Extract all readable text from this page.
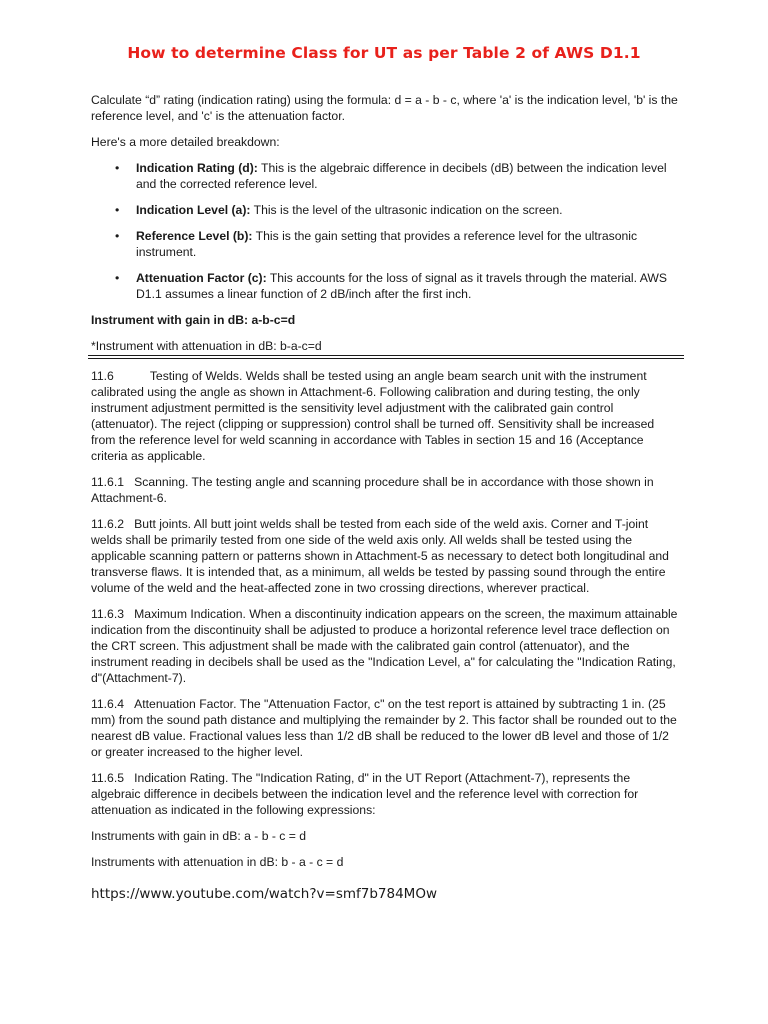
How to determine Class for UT as per Table 2 of AWS D1.1

Calculate “d” rating (indication rating) using the formula: d = a - b - c, where 'a' is the indication level, 'b' is the reference level, and 'c' is the attenuation factor.

Here's a more detailed breakdown:

• Indication Rating (d): This is the algebraic difference in decibels (dB) between the indication level and the corrected reference level.
• Indication Level (a): This is the level of the ultrasonic indication on the screen.
• Reference Level (b): This is the gain setting that provides a reference level for the ultrasonic instrument.
• Attenuation Factor (c): This accounts for the loss of signal as it travels through the material. AWS D1.1 assumes a linear function of 2 dB/inch after the first inch.

Instrument with gain in dB: a-b-c=d

*Instrument with attenuation in dB: b-a-c=d

11.6	Testing of Welds. Welds shall be tested using an angle beam search unit with the instrument calibrated using the angle as shown in Attachment-6. Following calibration and during testing, the only instrument adjustment permitted is the sensitivity level adjustment with the calibrated gain control (attenuator). The reject (clipping or suppression) control shall be turned off. Sensitivity shall be increased from the reference level for weld scanning in accordance with Tables in section 15 and 16 (Acceptance criteria as applicable.

11.6.1 Scanning. The testing angle and scanning procedure shall be in accordance with those shown in Attachment-6.

11.6.2 Butt joints. All butt joint welds shall be tested from each side of the weld axis. Corner and T-joint welds shall be primarily tested from one side of the weld axis only. All welds shall be tested using the applicable scanning pattern or patterns shown in Attachment-5 as necessary to detect both longitudinal and transverse flaws. It is intended that, as a minimum, all welds be tested by passing sound through the entire volume of the weld and the heat-affected zone in two crossing directions, wherever practical.

11.6.3 Maximum Indication. When a discontinuity indication appears on the screen, the maximum attainable indication from the discontinuity shall be adjusted to produce a horizontal reference level trace deflection on the CRT screen. This adjustment shall be made with the calibrated gain control (attenuator), and the instrument reading in decibels shall be used as the "Indication Level, a" for calculating the "Indication Rating, d"(Attachment-7).

11.6.4 Attenuation Factor. The "Attenuation Factor, c" on the test report is attained by subtracting 1 in. (25 mm) from the sound path distance and multiplying the remainder by 2. This factor shall be rounded out to the nearest dB value. Fractional values less than 1/2 dB shall be reduced to the lower dB level and those of 1/2 or greater increased to the higher level.

11.6.5 Indication Rating. The "Indication Rating, d" in the UT Report (Attachment-7), represents the algebraic difference in decibels between the indication level and the reference level with correction for attenuation as indicated in the following expressions:

Instruments with gain in dB: a - b - c = d

Instruments with attenuation in dB: b - a - c = d

https://www.youtube.com/watch?v=smf7b784MOw
